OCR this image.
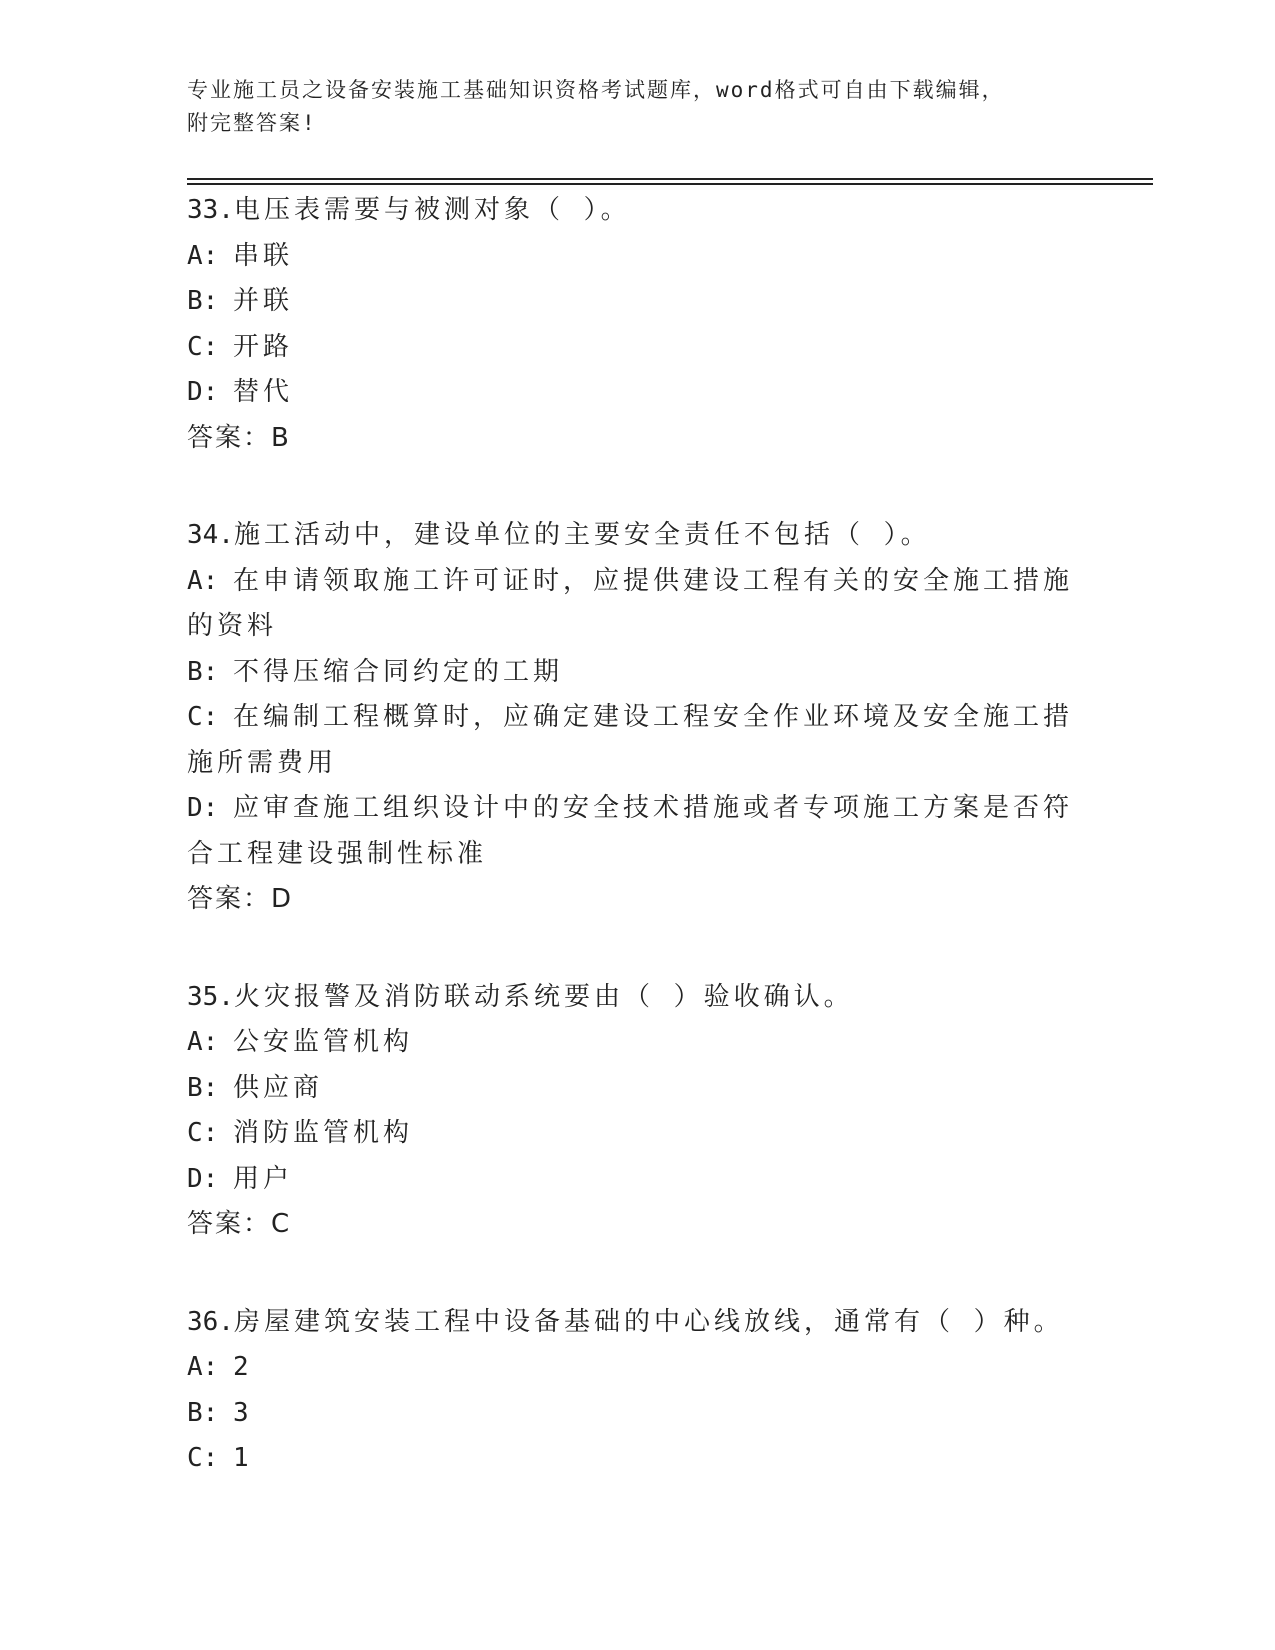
专业施工员之设备安装施工基础知识资格考试题库，word格式可自由下载编辑，
附完整答案!
33.电压表需要与被测对象（ ）。
A: 串联
B: 并联
C: 开路
D: 替代
答案：B
34.施工活动中，建设单位的主要安全责任不包括（ ）。
A: 在申请领取施工许可证时，应提供建设工程有关的安全施工措施的资料
B: 不得压缩合同约定的工期
C: 在编制工程概算时，应确定建设工程安全作业环境及安全施工措施所需费用
D: 应审查施工组织设计中的安全技术措施或者专项施工方案是否符合工程建设强制性标准
答案：D
35.火灾报警及消防联动系统要由（ ）验收确认。
A: 公安监管机构
B: 供应商
C: 消防监管机构
D: 用户
答案：C
36.房屋建筑安装工程中设备基础的中心线放线，通常有（ ）种。
A: 2
B: 3
C: 1
